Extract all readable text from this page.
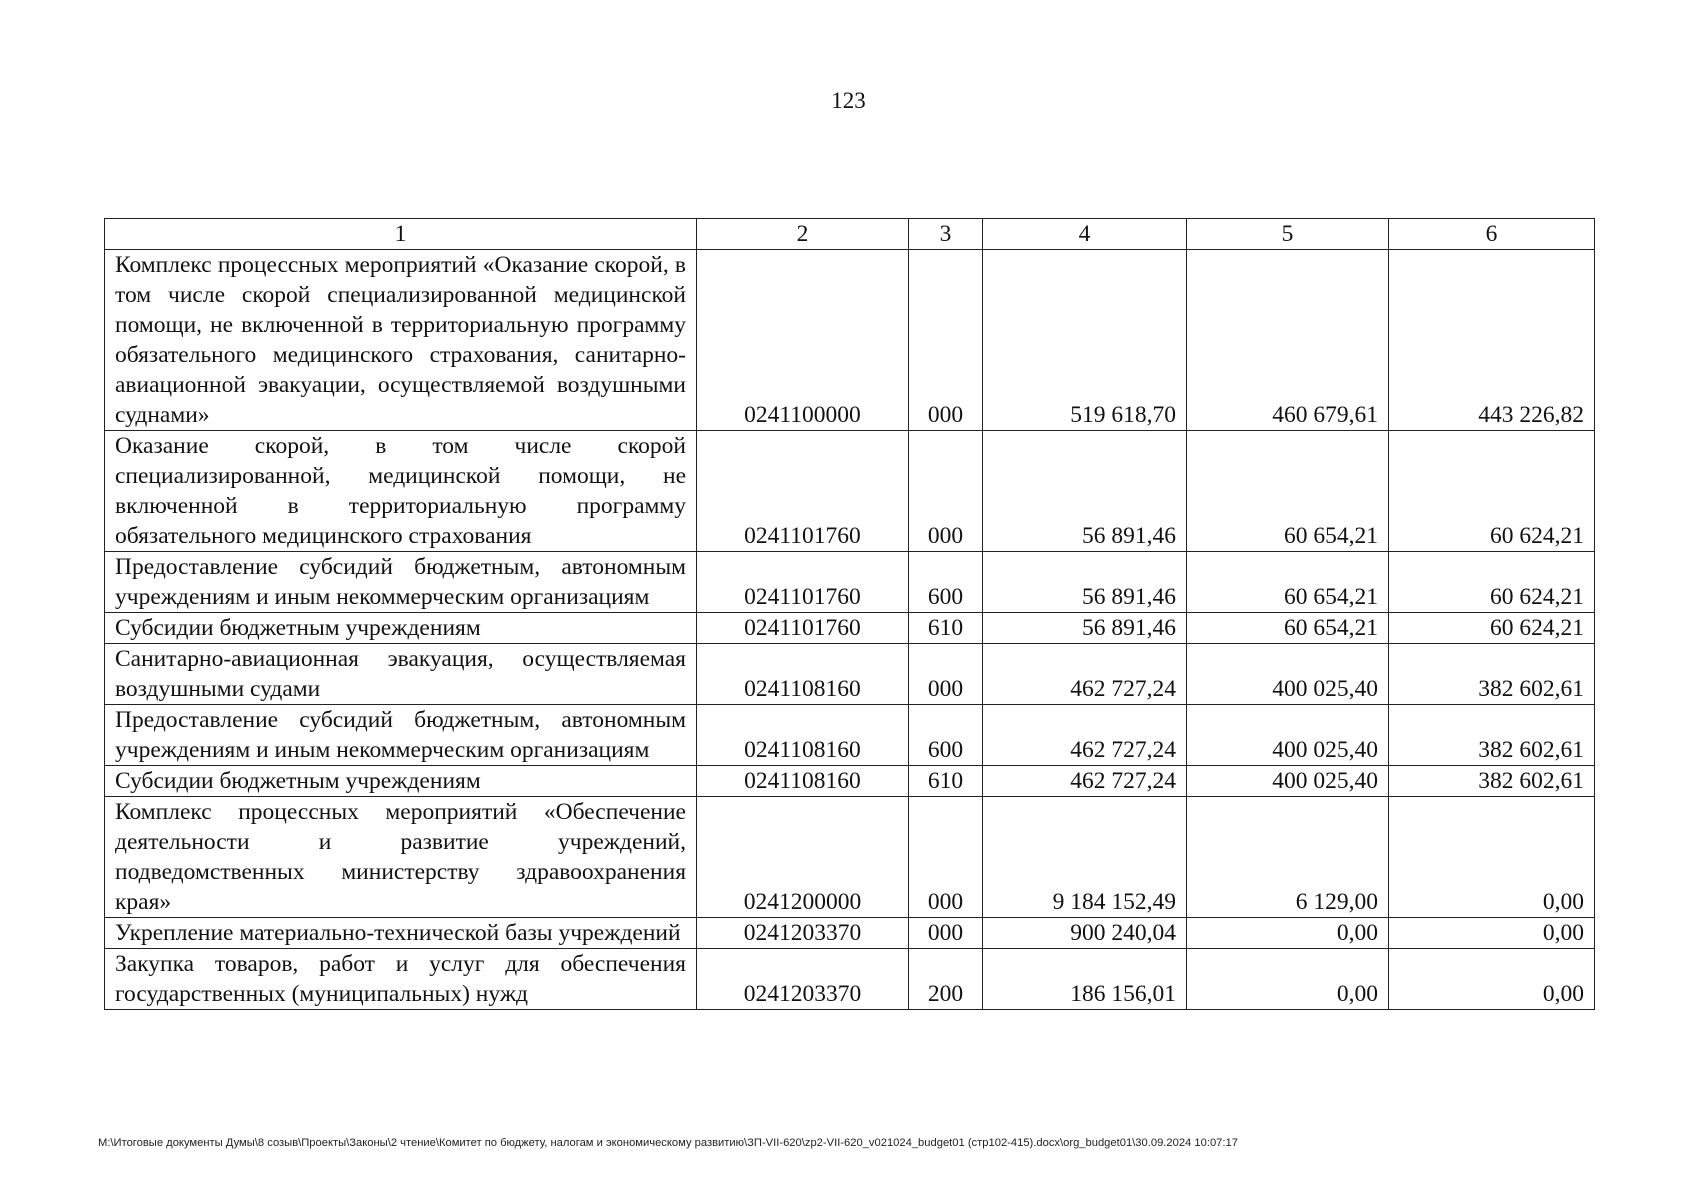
123
1	2	3	4	5	6
Комплекс процессных мероприятий «Оказание скорой, в том числе скорой специализированной медицинской помощи, не включенной в территориальную программу обязательного медицинского страхования, санитарно-авиационной эвакуации, осуществляемой воздушными суднами»	0241100000	000	519 618,70	460 679,61	443 226,82
Оказание скорой, в том числе скорой специализированной, медицинской помощи, не включенной в территориальную программу обязательного медицинского страхования	0241101760	000	56 891,46	60 654,21	60 624,21
Предоставление субсидий бюджетным, автономным учреждениям и иным некоммерческим организациям	0241101760	600	56 891,46	60 654,21	60 624,21
Субсидии бюджетным учреждениям	0241101760	610	56 891,46	60 654,21	60 624,21
Санитарно-авиационная эвакуация, осуществляемая воздушными судами	0241108160	000	462 727,24	400 025,40	382 602,61
Предоставление субсидий бюджетным, автономным учреждениям и иным некоммерческим организациям	0241108160	600	462 727,24	400 025,40	382 602,61
Субсидии бюджетным учреждениям	0241108160	610	462 727,24	400 025,40	382 602,61
Комплекс процессных мероприятий «Обеспечение деятельности и развитие учреждений, подведомственных министерству здравоохранения края»	0241200000	000	9 184 152,49	6 129,00	0,00
Укрепление материально-технической базы учреждений	0241203370	000	900 240,04	0,00	0,00
Закупка товаров, работ и услуг для обеспечения государственных (муниципальных) нужд	0241203370	200	186 156,01	0,00	0,00
M:\Итоговые документы Думы\8 созыв\Проекты\Законы\2 чтение\Комитет по бюджету, налогам и экономическому развитию\ЗП-VII-620\zp2-VII-620_v021024_budget01 (стр102-415).docx\org_budget01\30.09.2024 10:07:17
